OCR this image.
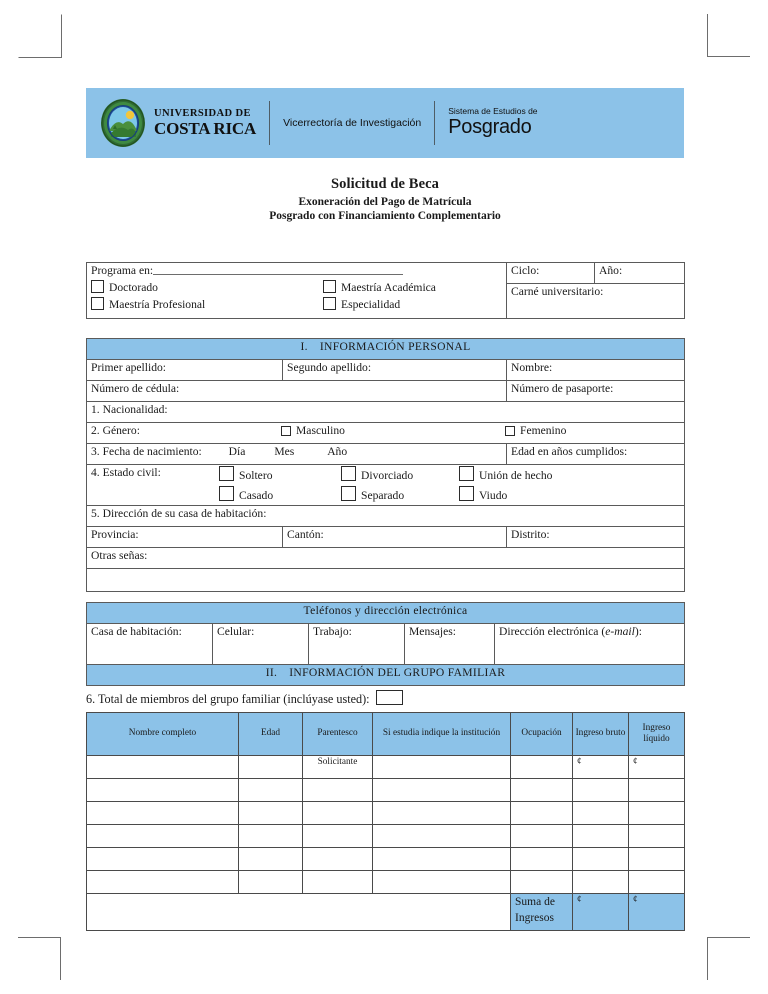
UNIVERSIDAD DE
COSTA RICA	Vicerrectoría de Investigación
Sistema de Estudios de
Posgrado
Solicitud de Beca
Exoneración del Pago de Matrícula
Posgrado con Financiamiento Complementario
Programa en:
Doctorado	Maestría Académica
Maestría Profesional	Especialidad
	Ciclo:	Año:
Carné universitario:
I. INFORMACIÓN PERSONAL		
Primer apellido:	Segundo apellido:	Nombre:
Número de cédula:		Número de pasaporte:
1. Nacionalidad:		

2. Género: Masculino Femenino		

3. Fecha de nacimiento: Día Mes Año		Edad en años cumplidos:

4. Estado civil:	Soltero	Divorciado	Unión de hecho
Casado	Separado	Viudo

5. Dirección de su casa de habitación:		
Provincia:	Cantón:	Distrito:
Otras señas:		

Teléfonos y dirección electrónica
Casa de habitación:	Celular:	Trabajo:	Mensajes:	Dirección electrónica (e-mail):
II. INFORMACIÓN DEL GRUPO FAMILIAR
6. Total de miembros del grupo familiar (inclúyase usted):
Nombre completo	Edad	Parentesco	Si estudia indique la institución	Ocupación	Ingreso bruto	Ingreso líquido
		Solicitante			¢	¢

				Suma de Ingresos	¢	¢
